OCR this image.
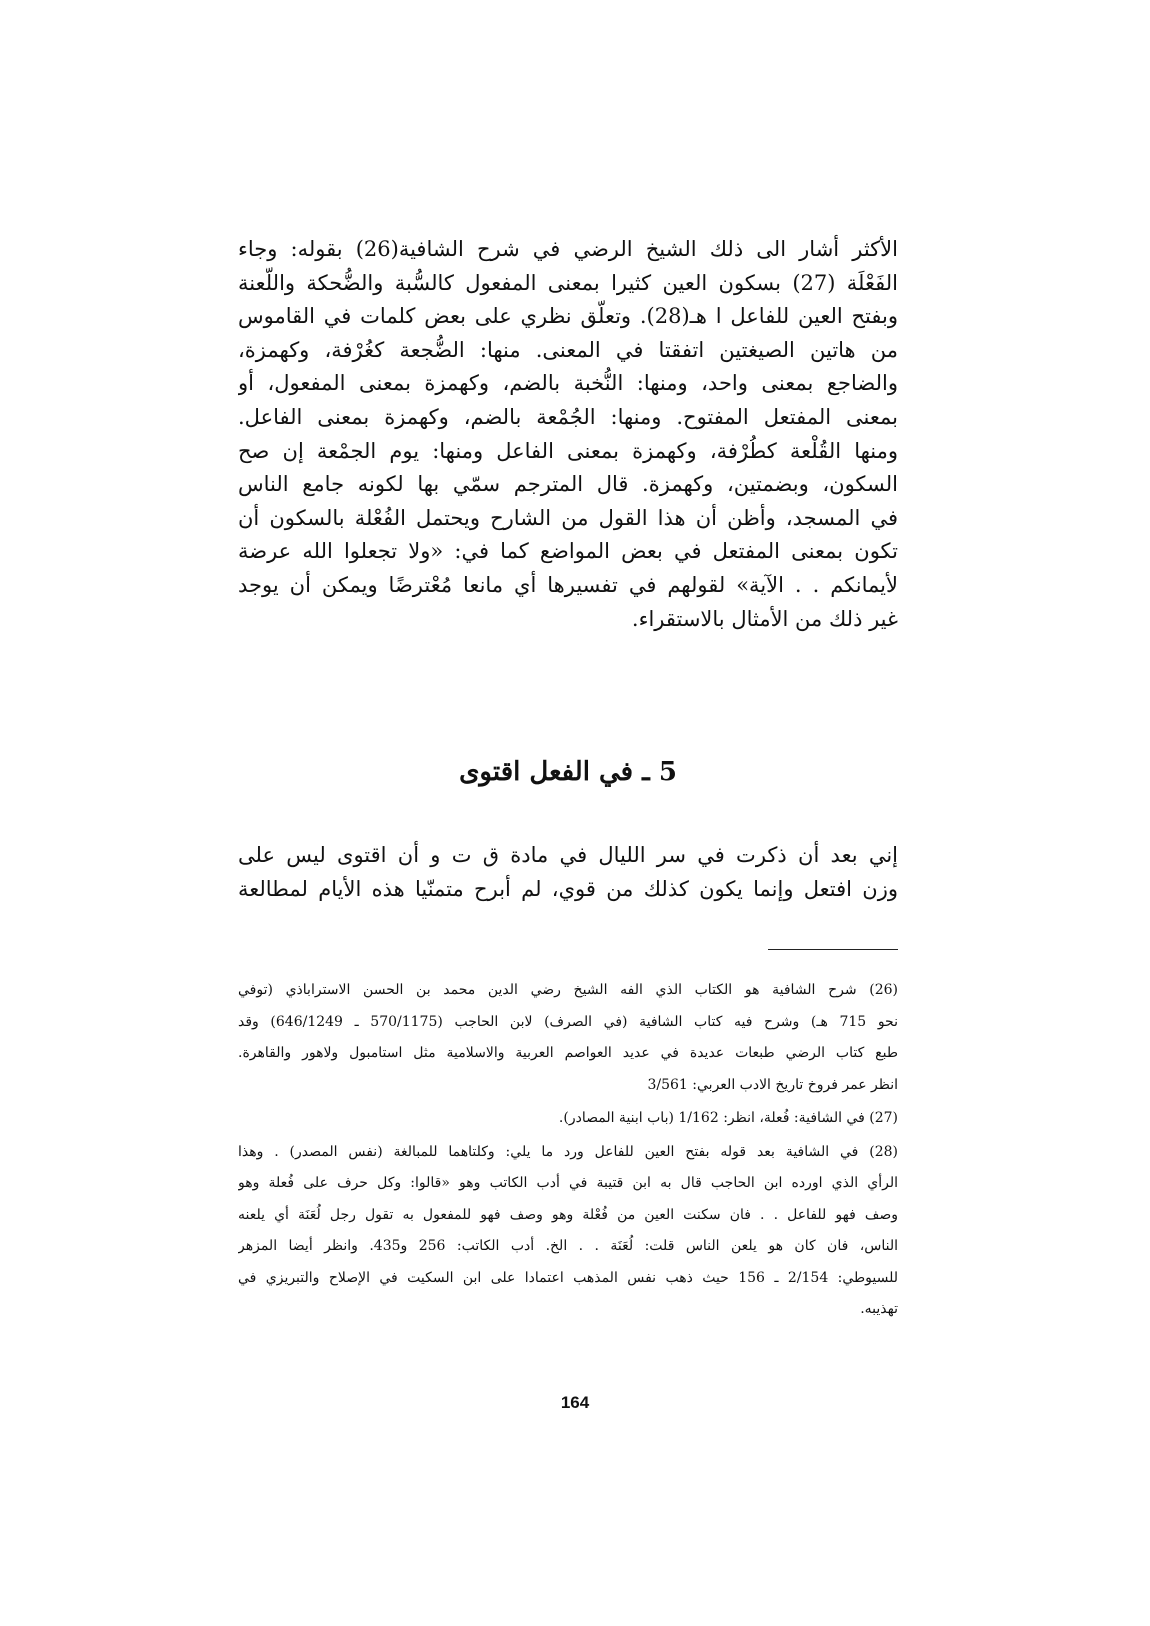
الأكثر أشار الى ذلك الشيخ الرضي في شرح الشافية(26) بقوله: وجاء
الفَعْلَة (27) بسكون العين كثيرا بمعنى المفعول كالسُّبة والضُّحكة واللُّعنة
وبفتح العين للفاعل ا هـ(28). وتعلّق نظري على بعض كلمات في القاموس
من هاتين الصيغتين اتفقتا في المعنى. منها: الضُّجعة كغُرْفة، وكهمزة،
والضاجع بمعنى واحد، ومنها: النُّخبة بالضم، وكهمزة بمعنى المفعول، أو
بمعنى المفتعل المفتوح. ومنها: الجُمْعة بالضم، وكهمزة بمعنى الفاعل.
ومنها القُلْعة كطُرْفة، وكهمزة بمعنى الفاعل ومنها: يوم الجمْعة إن صح
السكون، وبضمتين، وكهمزة. قال المترجم سمّي بها لكونه جامع الناس
في المسجد، وأظن أن هذا القول من الشارح ويحتمل الفُعْلة بالسكون أن
تكون بمعنى المفتعل في بعض المواضع كما في: «ولا تجعلوا الله عرضة
لأيمانكم . . الآية» لقولهم في تفسيرها أي مانعا مُعْترضًا ويمكن أن يوجد
غير ذلك من الأمثال بالاستقراء.
5 ـ في الفعل اقتوى
إني بعد أن ذكرت في سر الليال في مادة ق ت و أن اقتوى ليس على
وزن افتعل وإنما يكون كذلك من قوي، لم أبرح متمنّيا هذه الأيام لمطالعة
(26) شرح الشافية هو الكتاب الذي الفه الشيخ رضي الدين محمد بن الحسن الاستراباذي (توفي
نحو 715 هـ) وشرح فيه كتاب الشافية (في الصرف) لابن الحاجب (570/1175 ـ 646/1249) وقد
طبع كتاب الرضي طبعات عديدة في عديد العواصم العربية والاسلامية مثل استامبول ولاهور والقاهرة.
انظر عمر فروخ تاريخ الادب العربي: 3/561
(27) في الشافية: فُعلة، انظر: 1/162 (باب ابنية المصادر).
(28) في الشافية بعد قوله بفتح العين للفاعل ورد ما يلي: وكلتاهما للمبالغة (نفس المصدر) . وهذا
الرأي الذي اورده ابن الحاجب قال به ابن قتيبة في أدب الكاتب وهو «قالوا: وكل حرف على فُعلة وهو
وصف فهو للفاعل . . فان سكنت العين من فُعْلة وهو وصف فهو للمفعول به تقول رجل لُعَنَة أي يلعنه
الناس، فان كان هو يلعن الناس قلت: لُعَنَة . . الخ. أدب الكاتب: 256 و435. وانظر أيضا المزهر
للسيوطي: 2/154 ـ 156 حيث ذهب نفس المذهب اعتمادا على ابن السكيت في الإصلاح والتبريزي في
تهذيبه.
164
